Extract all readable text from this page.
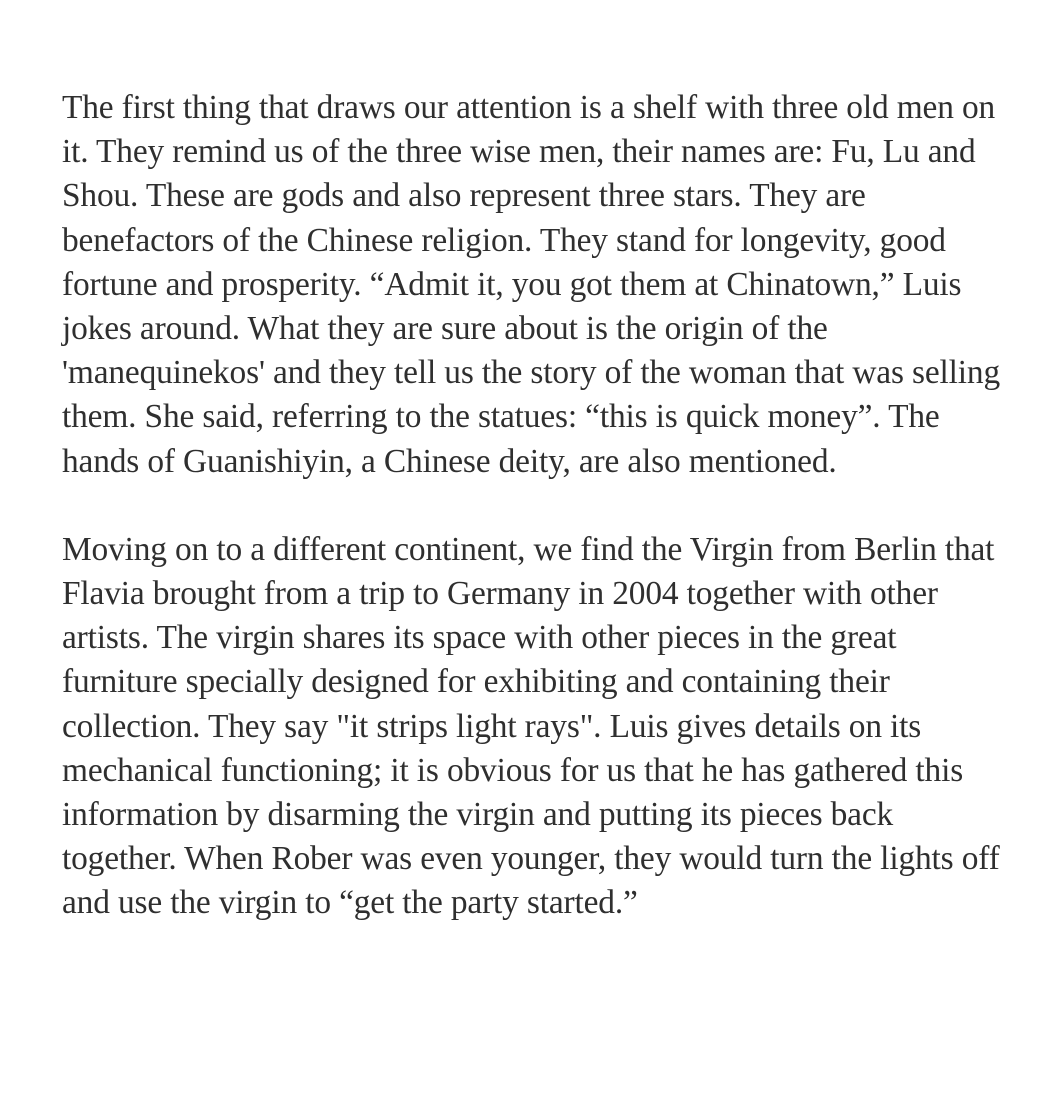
The first thing that draws our attention is a shelf with three old men on it. They remind us of the three wise men, their names are: Fu, Lu and Shou. These are gods and also represent three stars. They are benefactors of the Chinese religion. They stand for longevity, good fortune and prosperity. “Admit it, you got them at Chinatown,” Luis jokes around. What they are sure about is the origin of the 'manequinekos' and they tell us the story of the woman that was selling them. She said, referring to the statues: “this is quick money”. The hands of Guanishiyin, a Chinese deity, are also mentioned.

Moving on to a different continent, we find the Virgin from Berlin that Flavia brought from a trip to Germany in 2004 together with other artists. The virgin shares its space with other pieces in the great furniture specially designed for exhibiting and containing their collection. They say "it strips light rays". Luis gives details on its mechanical functioning; it is obvious for us that he has gathered this information by disarming the virgin and putting its pieces back together. When Rober was even younger, they would turn the lights off and use the virgin to “get the party started.”
